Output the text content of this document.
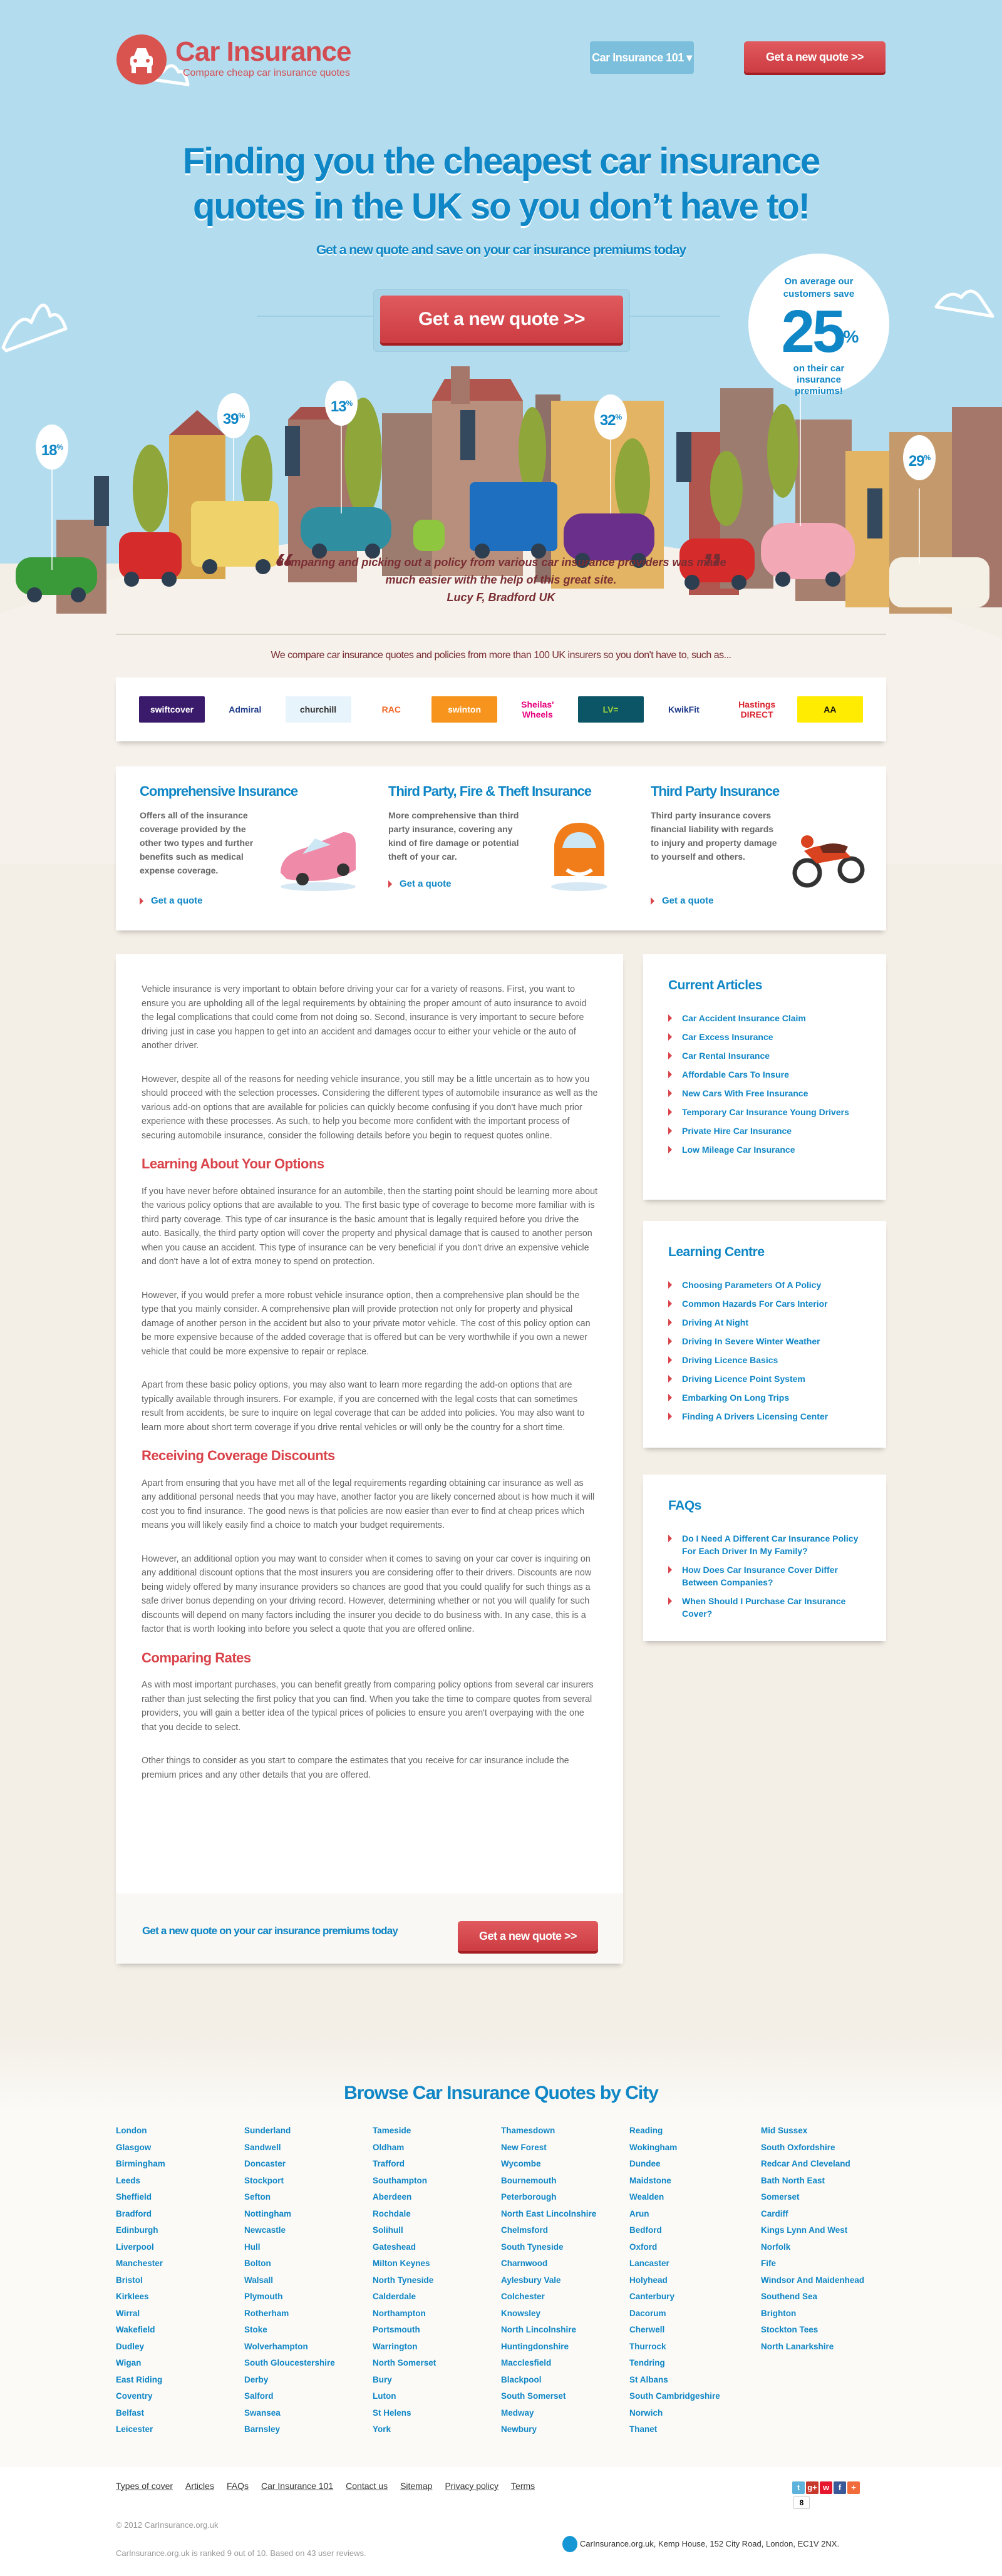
Car Insurance
Compare cheap car insurance quotes
Car Insurance 101 ▾	Get a new quote >>
Finding you the cheapest car insurance quotes in the UK so you don’t have to!
Get a new quote and save on your car insurance premiums today
Get a new quote >>
18%
39%
13%
32%
29%
On average our customers save
25%
on their car insurance premiums!
“	”
Comparing and picking out a policy from various car insurance providers was made much easier with the help of this great site.
Lucy F, Bradford UK
We compare car insurance quotes and policies from more than 100 UK insurers so you don't have to, such as...
swiftcover	Admiral	churchill	RAC	swinton	Sheilas' Wheels	LV=	KwikFit	Hastings DIRECT	AA
Comprehensive Insurance

Offers all of the insurance coverage provided by the other two types and further benefits such as medical expense coverage.

Third Party, Fire & Theft Insurance

More comprehensive than third party insurance, covering any kind of fire damage or potential theft of your car.

Third Party Insurance

Third party insurance covers financial liability with regards to injury and property damage to yourself and others.

Get a quote
Get a quote
Get a quote

Vehicle insurance is very important to obtain before driving your car for a variety of reasons. First, you want to ensure you are upholding all of the legal requirements by obtaining the proper amount of auto insurance to avoid the legal complications that could come from not doing so. Second, insurance is very important to secure before driving just in case you happen to get into an accident and damages occur to either your vehicle or the auto of another driver.

However, despite all of the reasons for needing vehicle insurance, you still may be a little uncertain as to how you should proceed with the selection processes. Considering the different types of automobile insurance as well as the various add-on options that are available for policies can quickly become confusing if you don't have much prior experience with these processes. As such, to help you become more confident with the important process of securing automobile insurance, consider the following details before you begin to request quotes online.

Learning About Your Options

If you have never before obtained insurance for an autombile, then the starting point should be learning more about the various policy options that are available to you. The first basic type of coverage to become more familiar with is third party coverage. This type of car insurance is the basic amount that is legally required before you drive the auto. Basically, the third party option will cover the property and physical damage that is caused to another person when you cause an accident. This type of insurance can be very beneficial if you don't drive an expensive vehicle and don't have a lot of extra money to spend on protection.

However, if you would prefer a more robust vehicle insurance option, then a comprehensive plan should be the type that you mainly consider. A comprehensive plan will provide protection not only for property and physical damage of another person in the accident but also to your private motor vehicle. The cost of this policy option can be more expensive because of the added coverage that is offered but can be very worthwhile if you own a newer vehicle that could be more expensive to repair or replace.

Apart from these basic policy options, you may also want to learn more regarding the add-on options that are typically available through insurers. For example, if you are concerned with the legal costs that can sometimes result from accidents, be sure to inquire on legal coverage that can be added into policies. You may also want to learn more about short term coverage if you drive rental vehicles or will only be the country for a short time.

Receiving Coverage Discounts

Apart from ensuring that you have met all of the legal requirements regarding obtaining car insurance as well as any additional personal needs that you may have, another factor you are likely concerned about is how much it will cost you to find insurance. The good news is that policies are now easier than ever to find at cheap prices which means you will likely easily find a choice to match your budget requirements.

However, an additional option you may want to consider when it comes to saving on your car cover is inquiring on any additional discount options that the most insurers you are considering offer to their drivers. Discounts are now being widely offered by many insurance providers so chances are good that you could qualify for such things as a safe driver bonus depending on your driving record. However, determining whether or not you will qualify for such discounts will depend on many factors including the insurer you decide to do business with. In any case, this is a factor that is worth looking into before you select a quote that you are offered online.

Comparing Rates

As with most important purchases, you can benefit greatly from comparing policy options from several car insurers rather than just selecting the first policy that you can find. When you take the time to compare quotes from several providers, you will gain a better idea of the typical prices of policies to ensure you aren't overpaying with the one that you decide to select.

Other things to consider as you start to compare the estimates that you receive for car insurance include the premium prices and any other details that you are offered.

Get a new quote on your car insurance premiums today	Get a new quote >>
Current Articles
Car Accident Insurance Claim
Car Excess Insurance
Car Rental Insurance
Affordable Cars To Insure
New Cars With Free Insurance
Temporary Car Insurance Young Drivers
Private Hire Car Insurance
Low Mileage Car Insurance
Learning Centre
Choosing Parameters Of A Policy
Common Hazards For Cars Interior
Driving At Night
Driving In Severe Winter Weather
Driving Licence Basics
Driving Licence Point System
Embarking On Long Trips
Finding A Drivers Licensing Center
FAQs
Do I Need A Different Car Insurance Policy For Each Driver In My Family?
How Does Car Insurance Cover Differ Between Companies?
When Should I Purchase Car Insurance Cover?
Browse Car Insurance Quotes by City
London
Glasgow
Birmingham
Leeds
Sheffield
Bradford
Edinburgh
Liverpool
Manchester
Bristol
Kirklees
Wirral
Wakefield
Dudley
Wigan
East Riding
Coventry
Belfast
Leicester
Sunderland
Sandwell
Doncaster
Stockport
Sefton
Nottingham
Newcastle
Hull
Bolton
Walsall
Plymouth
Rotherham
Stoke
Wolverhampton
South Gloucestershire
Derby
Salford
Swansea
Barnsley
Tameside
Oldham
Trafford
Southampton
Aberdeen
Rochdale
Solihull
Gateshead
Milton Keynes
North Tyneside
Calderdale
Northampton
Portsmouth
Warrington
North Somerset
Bury
Luton
St Helens
York
Thamesdown
New Forest
Wycombe
Bournemouth
Peterborough
North East Lincolnshire
Chelmsford
South Tyneside
Charnwood
Aylesbury Vale
Colchester
Knowsley
North Lincolnshire
Huntingdonshire
Macclesfield
Blackpool
South Somerset
Medway
Newbury
Reading
Wokingham
Dundee
Maidstone
Wealden
Arun
Bedford
Oxford
Lancaster
Holyhead
Canterbury
Dacorum
Cherwell
Thurrock
Tendring
St Albans
South Cambridgeshire
Norwich
Thanet
Mid Sussex
South Oxfordshire
Redcar And Cleveland
Bath North East
Somerset
Cardiff
Kings Lynn And West
Norfolk
Fife
Windsor And Maidenhead
Southend Sea
Brighton
Stockton Tees
North Lanarkshire
Types of cover Articles FAQs Car Insurance 101 Contact us Sitemap Privacy policy Terms
© 2012 CarInsurance.org.uk
CarInsurance.org.uk is ranked 9 out of 10. Based on 43 user reviews.
CarInsurance.org.uk, Kemp House, 152 City Road, London, EC1V 2NX.
t g+ w	f	+
8
